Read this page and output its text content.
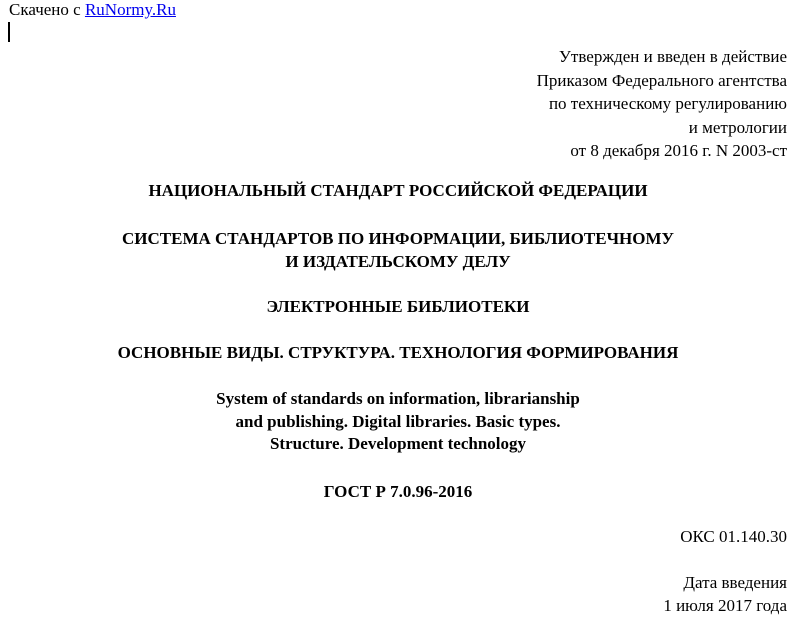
Скачено с RuNormy.Ru
Утвержден и введен в действие
Приказом Федерального агентства
по техническому регулированию
и метрологии
от 8 декабря 2016 г. N 2003-ст
НАЦИОНАЛЬНЫЙ СТАНДАРТ РОССИЙСКОЙ ФЕДЕРАЦИИ
СИСТЕМА СТАНДАРТОВ ПО ИНФОРМАЦИИ, БИБЛИОТЕЧНОМУ
И ИЗДАТЕЛЬСКОМУ ДЕЛУ
ЭЛЕКТРОННЫЕ БИБЛИОТЕКИ
ОСНОВНЫЕ ВИДЫ. СТРУКТУРА. ТЕХНОЛОГИЯ ФОРМИРОВАНИЯ
System of standards on information, librarianship
and publishing. Digital libraries. Basic types.
Structure. Development technology
ГОСТ Р 7.0.96-2016
ОКС 01.140.30
Дата введения
1 июля 2017 года
